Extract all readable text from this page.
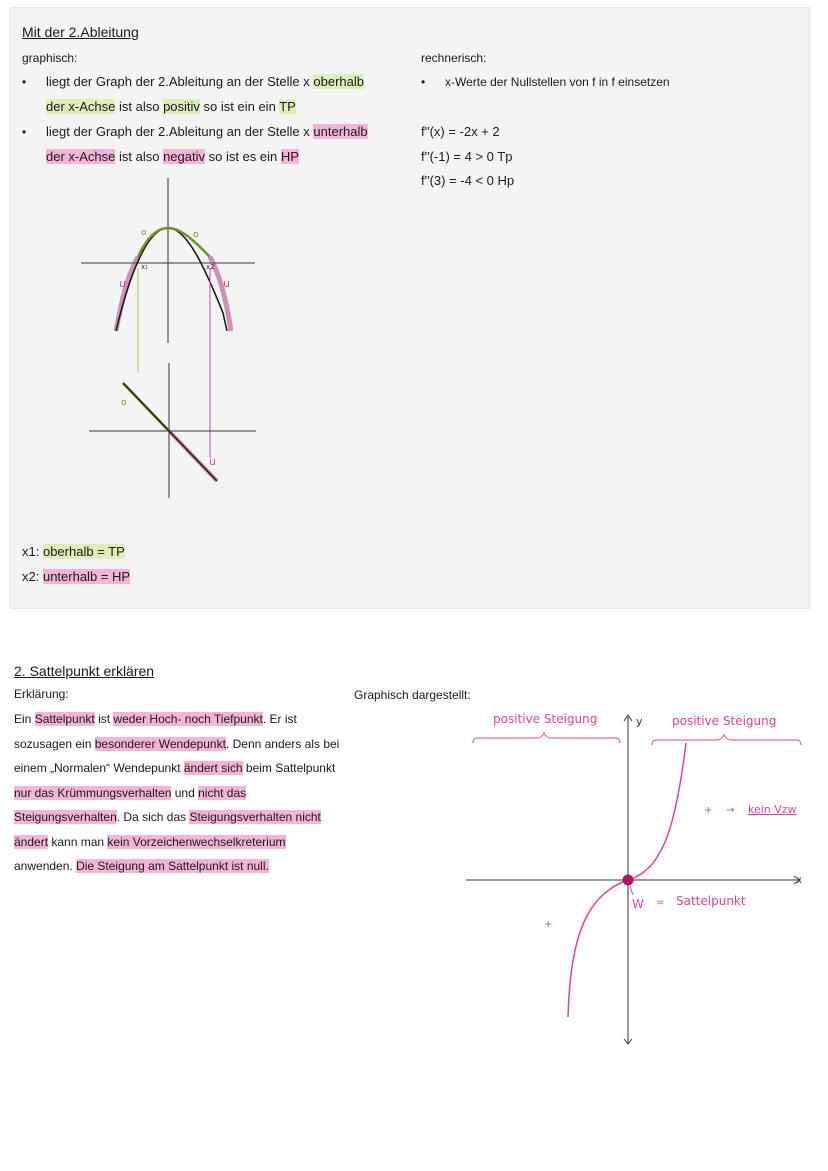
Mit der 2.Ableitung
graphisch:
• liegt der Graph der 2.Ableitung an der Stelle x oberhalb
der x-Achse ist also positiv so ist ein ein TP
• liegt der Graph der 2.Ableitung an der Stelle x unterhalb
der x-Achse ist also negativ so ist es ein HP
rechnerisch:
• x-Werte der Nullstellen von f in f einsetzen
f''(x) = -2x + 2
f''(-1) = 4 > 0 Tp
f''(3) = -4 < 0 Hp
x₁	x2
u	u
o	o
o
u
x1: oberhalb = TP
x2: unterhalb = HP
2. Sattelpunkt erklären
Erklärung:	Graphisch dargestellt:
Ein Sattelpunkt ist weder Hoch- noch Tiefpunkt. Er ist sozusagen ein besonderer Wendepunkt. Denn anders als bei einem „Normalen“ Wendepunkt ändert sich beim Sattelpunkt nur das Krümmungsverhalten und nicht das Steigungsverhalten. Da sich das Steigungsverhalten nicht ändert kann man kein Vorzeichenwechselkreterium anwenden. Die Steigung am Sattelpunkt ist null.
y
x
positive Steigung	positive Steigung
+ → kein Vzw
W = Sattelpunkt
+
